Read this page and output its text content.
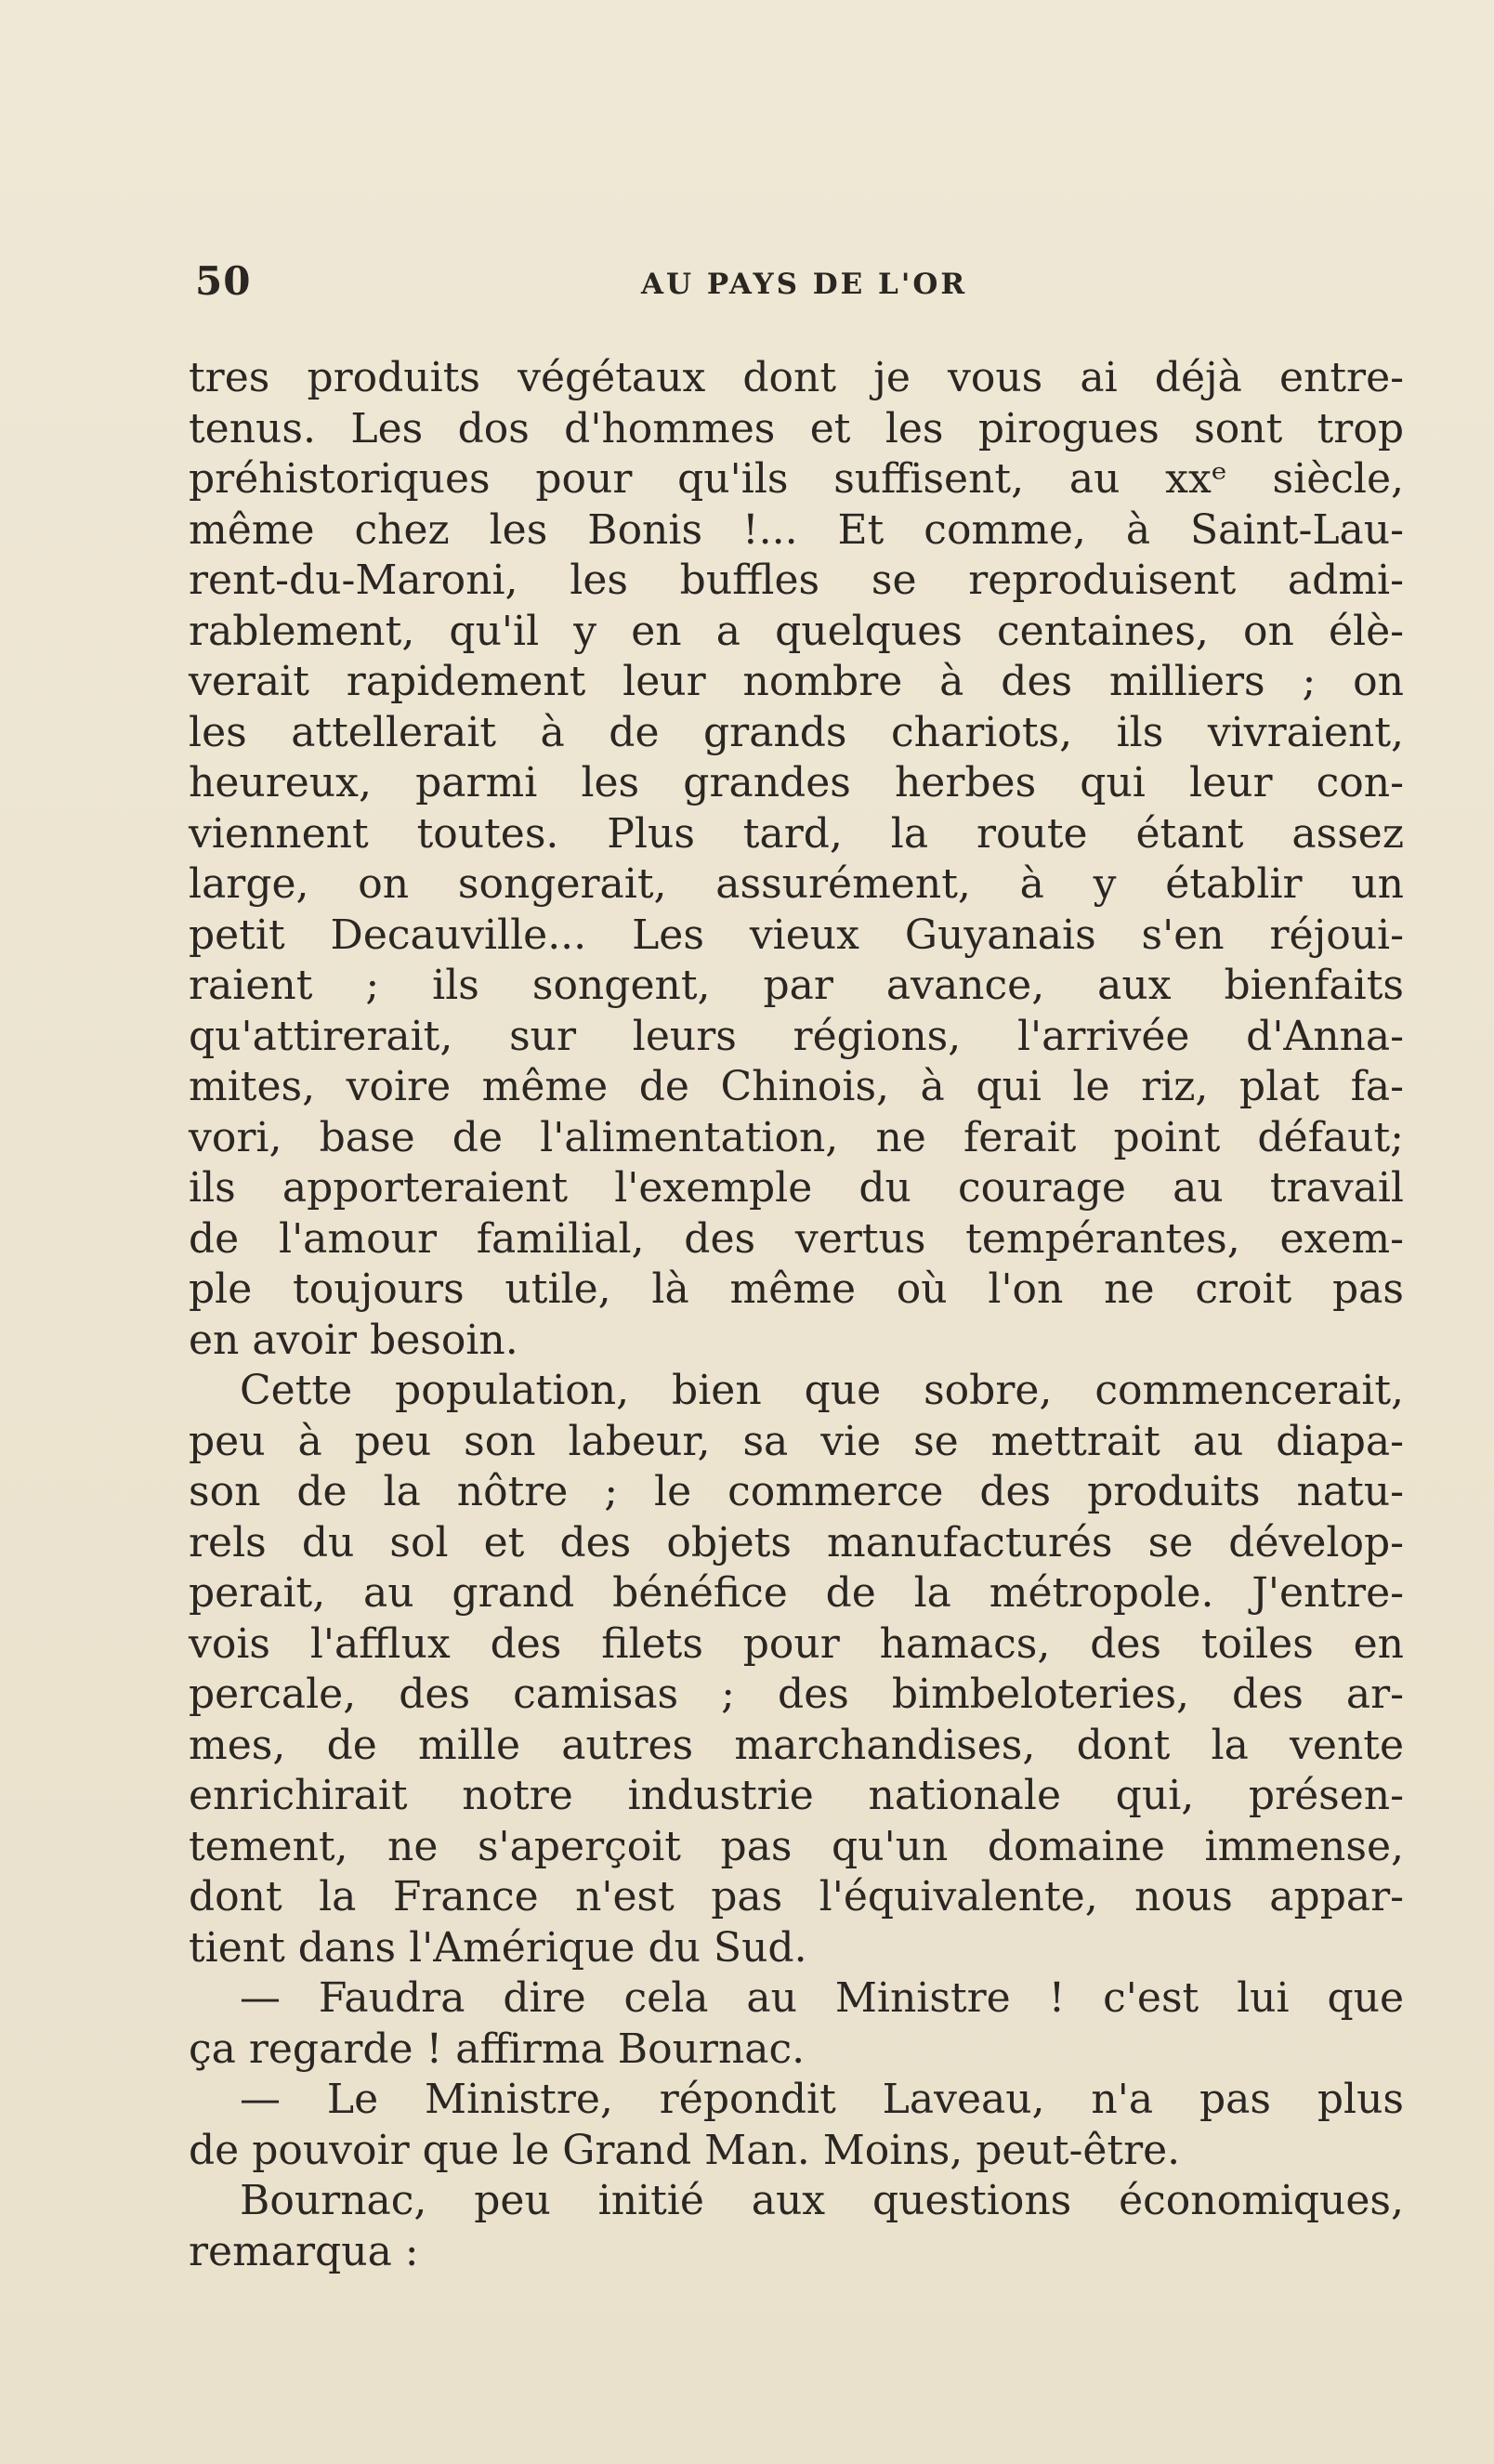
50	AU PAYS DE L'OR
tres produits végétaux dont je vous ai déjà entre-
tenus. Les dos d'hommes et les pirogues sont trop
préhistoriques pour qu'ils suffisent, au xxᵉ siècle,
même chez les Bonis !... Et comme, à Saint-Lau-
rent-du-Maroni, les buffles se reproduisent admi-
rablement, qu'il y en a quelques centaines, on élè-
verait rapidement leur nombre à des milliers ; on
les attellerait à de grands chariots, ils vivraient,
heureux, parmi les grandes herbes qui leur con-
viennent toutes. Plus tard, la route étant assez
large, on songerait, assurément, à y établir un
petit Decauville... Les vieux Guyanais s'en réjoui-
raient ; ils songent, par avance, aux bienfaits
qu'attirerait, sur leurs régions, l'arrivée d'Anna-
mites, voire même de Chinois, à qui le riz, plat fa-
vori, base de l'alimentation, ne ferait point défaut;
ils apporteraient l'exemple du courage au travail
de l'amour familial, des vertus tempérantes, exem-
ple toujours utile, là même où l'on ne croit pas
en avoir besoin.
Cette population, bien que sobre, commencerait,
peu à peu son labeur, sa vie se mettrait au diapa-
son de la nôtre ; le commerce des produits natu-
rels du sol et des objets manufacturés se dévelop-
perait, au grand bénéfice de la métropole. J'entre-
vois l'afflux des filets pour hamacs, des toiles en
percale, des camisas ; des bimbeloteries, des ar-
mes, de mille autres marchandises, dont la vente
enrichirait notre industrie nationale qui, présen-
tement, ne s'aperçoit pas qu'un domaine immense,
dont la France n'est pas l'équivalente, nous appar-
tient dans l'Amérique du Sud.
— Faudra dire cela au Ministre ! c'est lui que
ça regarde ! affirma Bournac.
— Le Ministre, répondit Laveau, n'a pas plus
de pouvoir que le Grand Man. Moins, peut-être.
Bournac, peu initié aux questions économiques,
remarqua :
